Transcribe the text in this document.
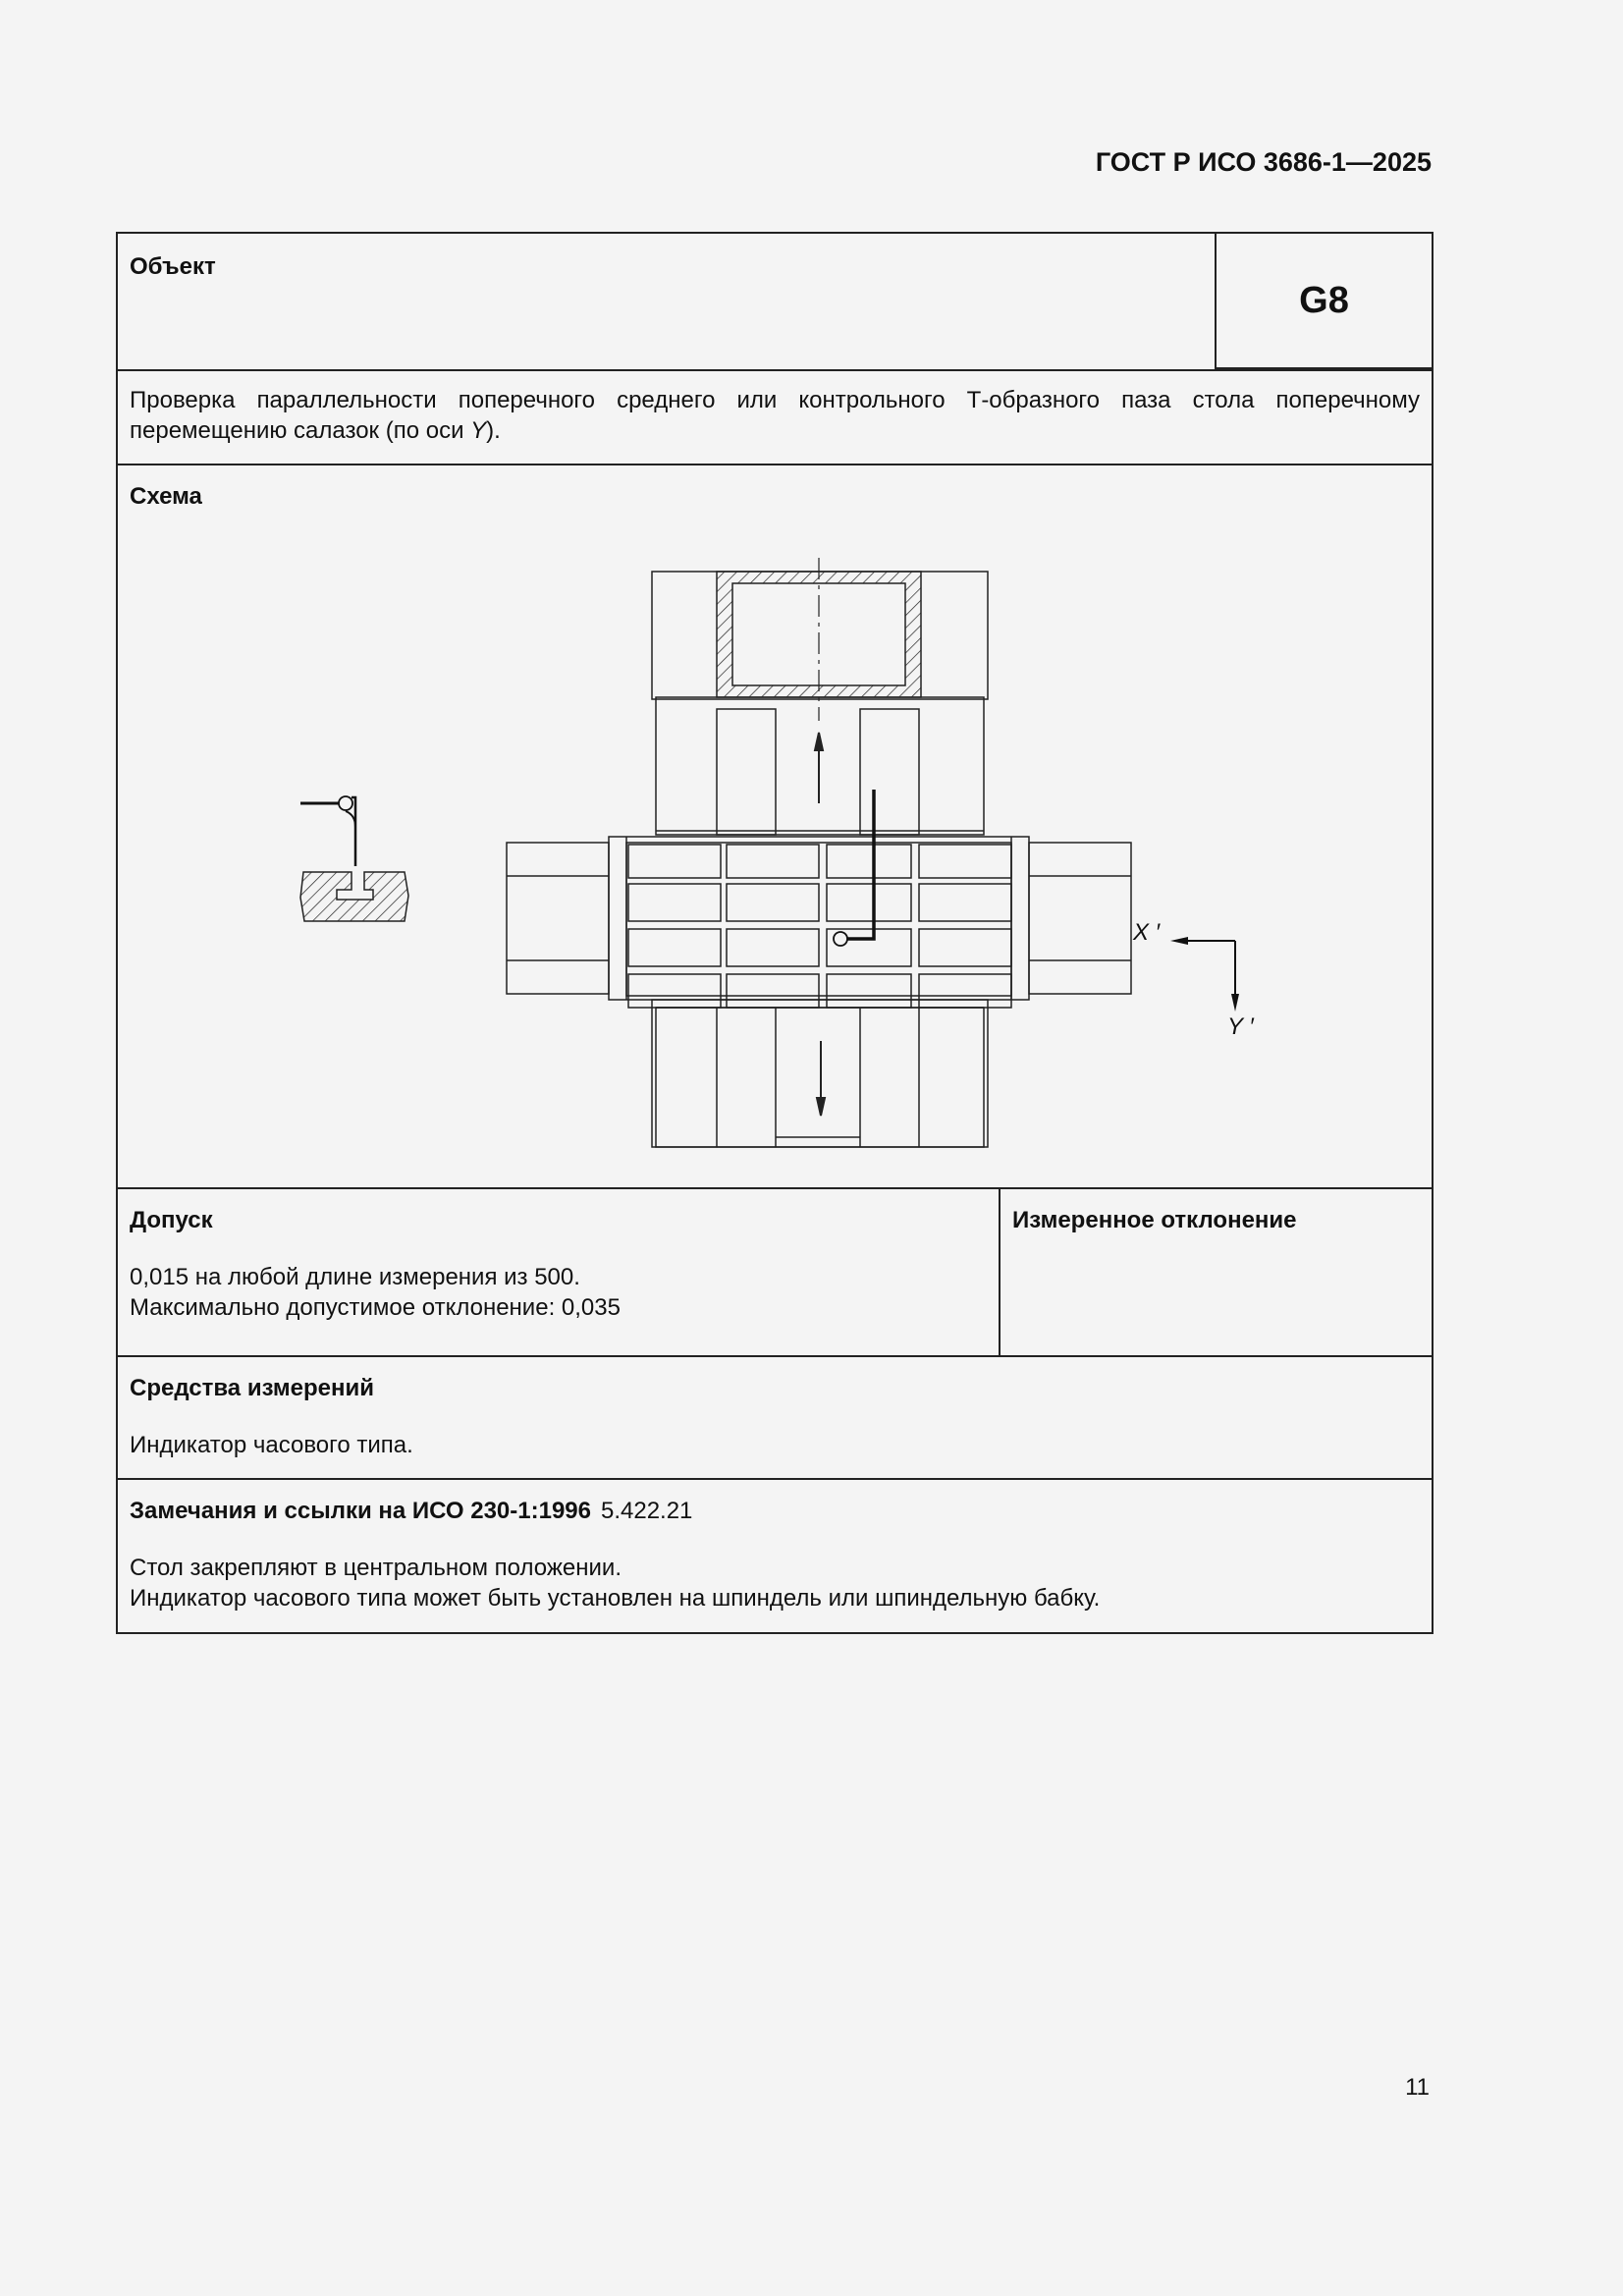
ГОСТ Р ИСО 3686-1—2025
Объект
G8
Проверка параллельности поперечного среднего или контрольного Т-образного паза стола поперечному
перемещению салазок (по оси Y).
Схема
X ′
Y ′
Допуск
0,015 на любой длине измерения из 500.
Максимально допустимое отклонение: 0,035
Измеренное отклонение
Средства измерений
Индикатор часового типа.
Замечания и ссылки на ИСО 230-1:1996 5.422.21
Стол закрепляют в центральном положении.
Индикатор часового типа может быть установлен на шпиндель или шпиндельную бабку.
11
